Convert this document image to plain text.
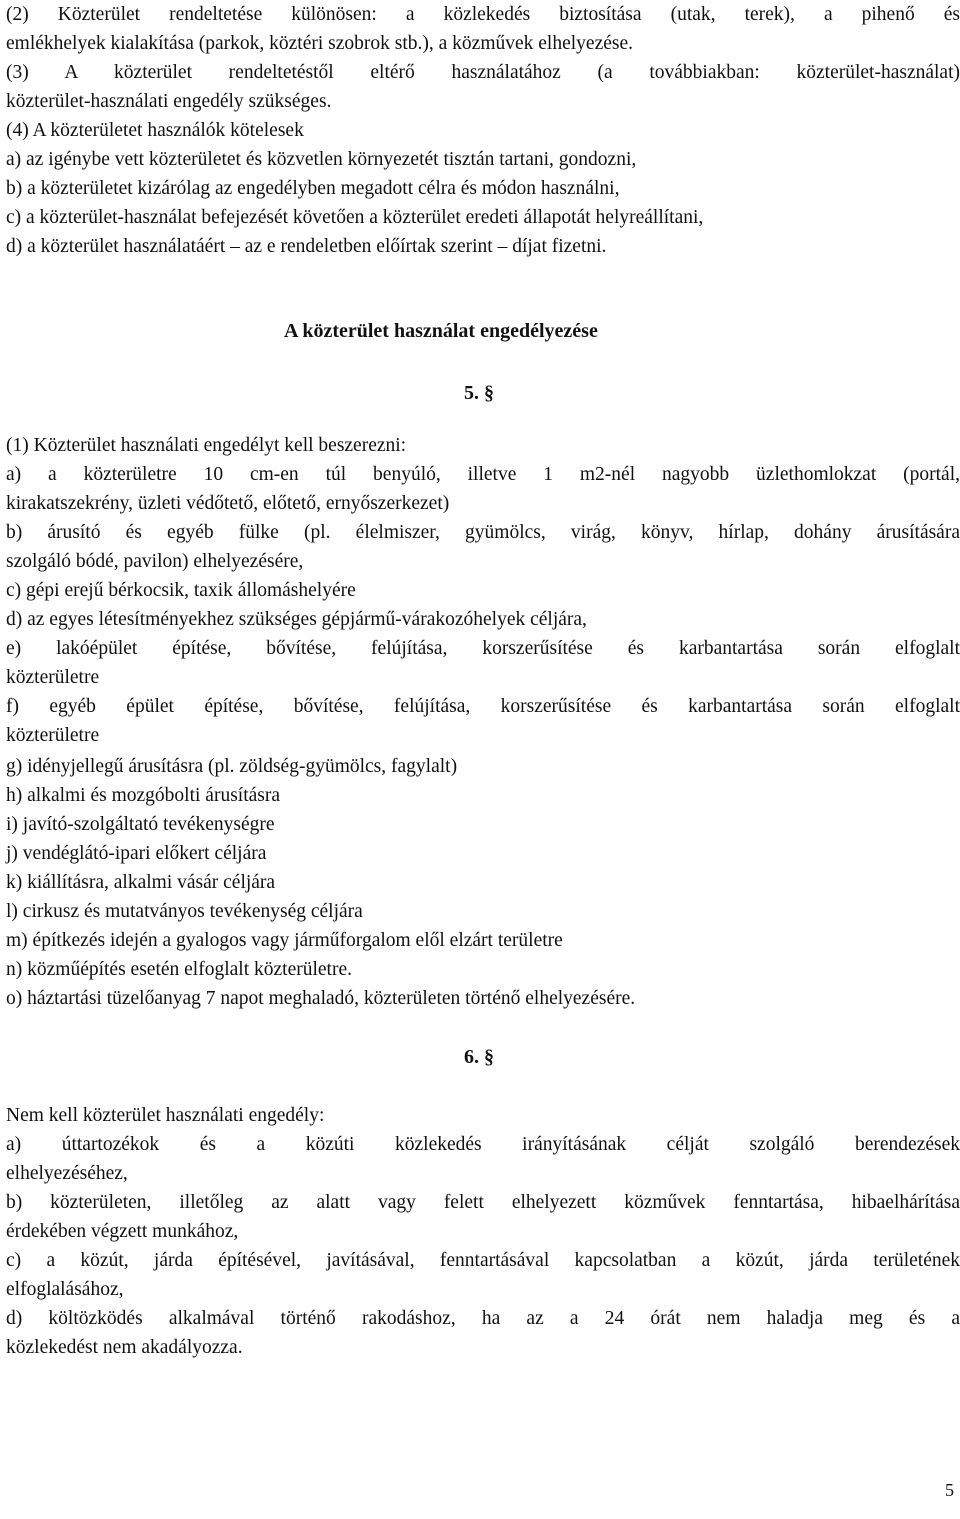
(2) Közterület rendeltetése különösen: a közlekedés biztosítása (utak, terek), a pihenő és
emlékhelyek kialakítása (parkok, köztéri szobrok stb.), a közművek elhelyezése.
(3) A közterület rendeltetéstől eltérő használatához (a továbbiakban: közterület-használat)
közterület-használati engedély szükséges.
(4) A közterületet használók kötelesek
a) az igénybe vett közterületet és közvetlen környezetét tisztán tartani, gondozni,
b) a közterületet kizárólag az engedélyben megadott célra és módon használni,
c) a közterület-használat befejezését követően a közterület eredeti állapotát helyreállítani,
d) a közterület használatáért – az e rendeletben előírtak szerint – díjat fizetni.
A közterület használat engedélyezése
5. §
(1) Közterület használati engedélyt kell beszerezni:
a) a közterületre 10 cm-en túl benyúló, illetve 1 m2-nél nagyobb üzlethomlokzat (portál,
kirakatszekrény, üzleti védőtető, előtető, ernyőszerkezet)
b) árusító és egyéb fülke (pl. élelmiszer, gyümölcs, virág, könyv, hírlap, dohány árusítására
szolgáló bódé, pavilon) elhelyezésére,
c) gépi erejű bérkocsik, taxik állomáshelyére
d) az egyes létesítményekhez szükséges gépjármű-várakozóhelyek céljára,
e) lakóépület építése, bővítése, felújítása, korszerűsítése és karbantartása során elfoglalt
közterületre
f) egyéb épület építése, bővítése, felújítása, korszerűsítése és karbantartása során elfoglalt
közterületre
g) idényjellegű árusításra (pl. zöldség-gyümölcs, fagylalt)
h) alkalmi és mozgóbolti árusításra
i) javító-szolgáltató tevékenységre
j) vendéglátó-ipari előkert céljára
k) kiállításra, alkalmi vásár céljára
l) cirkusz és mutatványos tevékenység céljára
m) építkezés idején a gyalogos vagy járműforgalom elől elzárt területre
n) közműépítés esetén elfoglalt közterületre.
o) háztartási tüzelőanyag 7 napot meghaladó, közterületen történő elhelyezésére.
6. §
Nem kell közterület használati engedély:
a) úttartozékok és a közúti közlekedés irányításának célját szolgáló berendezések
elhelyezéséhez,
b) közterületen, illetőleg az alatt vagy felett elhelyezett közművek fenntartása, hibaelhárítása
érdekében végzett munkához,
c) a közút, járda építésével, javításával, fenntartásával kapcsolatban a közút, járda területének
elfoglalásához,
d) költözködés alkalmával történő rakodáshoz, ha az a 24 órát nem haladja meg és a
közlekedést nem akadályozza.
5
